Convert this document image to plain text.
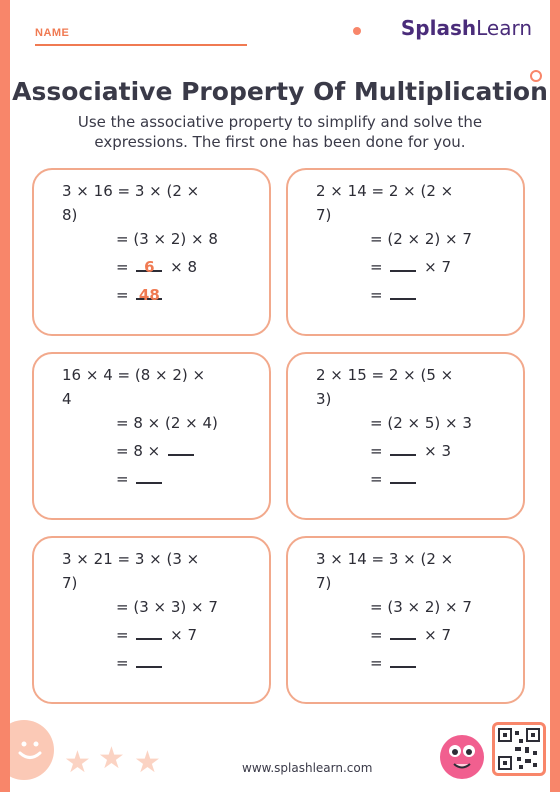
NAME	SplashLearn
Associative Property Of Multiplication
Use the associative property to simplify and solve the expressions. The first one has been done for you.
3 × 16 = 3 × (2 ×
8)
= (3 × 2) × 8
= 6 × 8
= 48
2 × 14 = 2 × (2 ×
7)
= (2 × 2) × 7
=  × 7
=
16 × 4 = (8 × 2) ×
4
= 8 × (2 × 4)
= 8 ×
=
2 × 15 = 2 × (5 ×
3)
= (2 × 5) × 3
=  × 3
=
3 × 21 = 3 × (3 ×
7)
= (3 × 3) × 7
=  × 7
=
3 × 14 = 3 × (2 ×
7)
= (3 × 2) × 7
=  × 7
=
★ ★ ★	www.splashlearn.com
